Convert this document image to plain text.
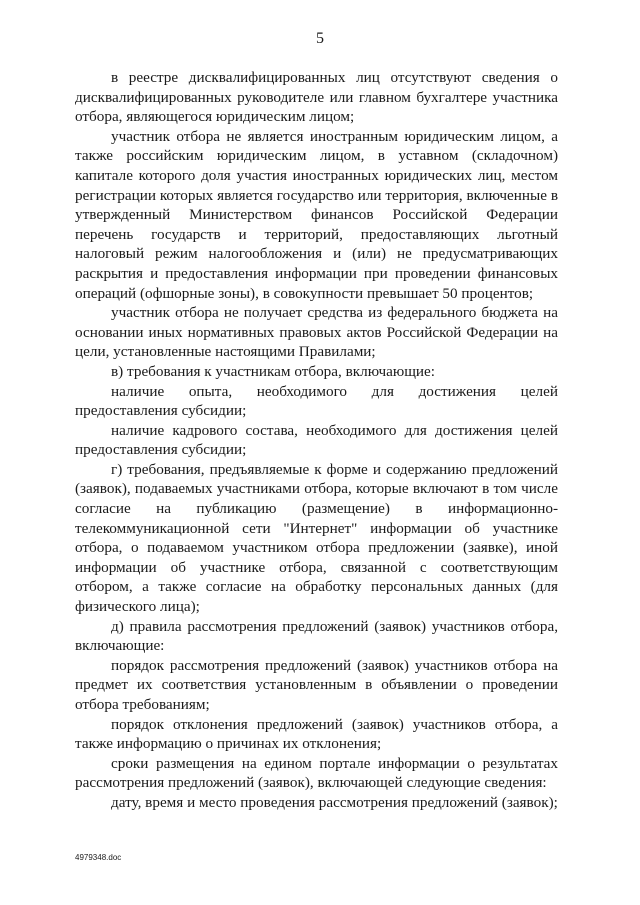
5

в реестре дисквалифицированных лиц отсутствуют сведения о дисквалифицированных руководителе или главном бухгалтере участника отбора, являющегося юридическим лицом;

участник отбора не является иностранным юридическим лицом, а также российским юридическим лицом, в уставном (складочном) капитале которого доля участия иностранных юридических лиц, местом регистрации которых является государство или территория, включенные в утвержденный Министерством финансов Российской Федерации перечень государств и территорий, предоставляющих льготный налоговый режим налогообложения и (или) не предусматривающих раскрытия и предоставления информации при проведении финансовых операций (офшорные зоны), в совокупности превышает 50 процентов;

участник отбора не получает средства из федерального бюджета на основании иных нормативных правовых актов Российской Федерации на цели, установленные настоящими Правилами;

в) требования к участникам отбора, включающие:

наличие опыта, необходимого для достижения целей предоставления субсидии;

наличие кадрового состава, необходимого для достижения целей предоставления субсидии;

г) требования, предъявляемые к форме и содержанию предложений (заявок), подаваемых участниками отбора, которые включают в том числе согласие на публикацию (размещение) в информационно-телекоммуникационной сети "Интернет" информации об участнике отбора, о подаваемом участником отбора предложении (заявке), иной информации об участнике отбора, связанной с соответствующим отбором, а также согласие на обработку персональных данных (для физического лица);

д) правила рассмотрения предложений (заявок) участников отбора, включающие:

порядок рассмотрения предложений (заявок) участников отбора на предмет их соответствия установленным в объявлении о проведении отбора требованиям;

порядок отклонения предложений (заявок) участников отбора, а также информацию о причинах их отклонения;

сроки размещения на едином портале информации о результатах рассмотрения предложений (заявок), включающей следующие сведения:

дату, время и место проведения рассмотрения предложений (заявок);

4979348.doc
